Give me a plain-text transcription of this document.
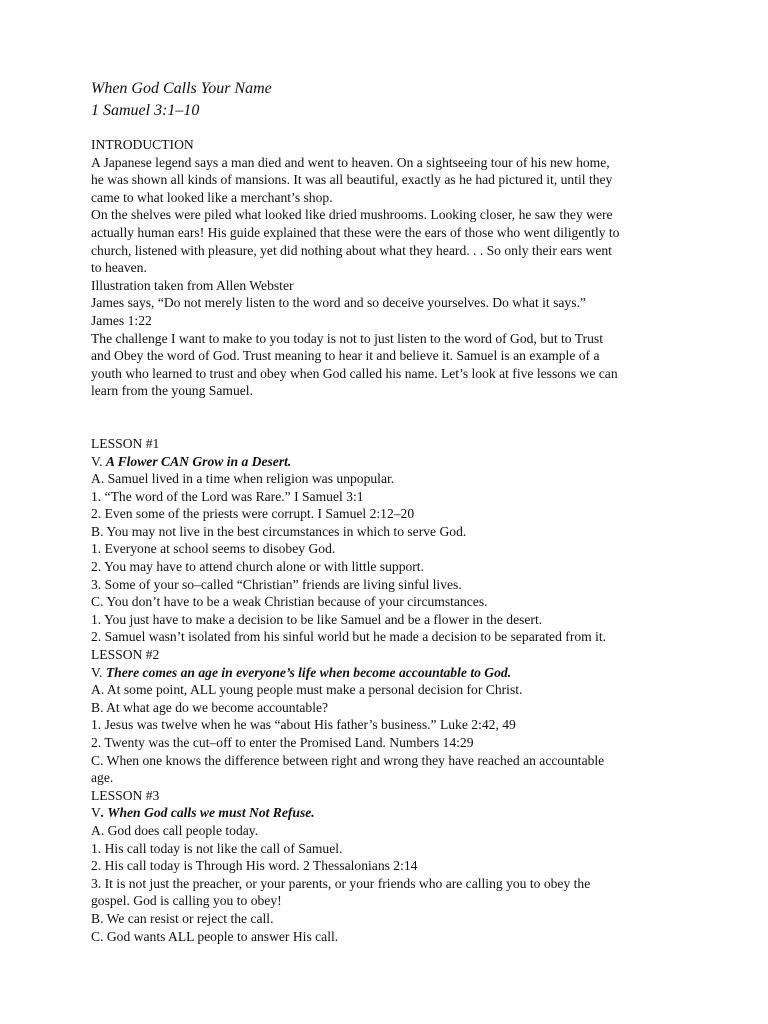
When God Calls Your Name
1 Samuel 3:1–10
INTRODUCTION
A Japanese legend says a man died and went to heaven. On a sightseeing tour of his new home,
he was shown all kinds of mansions. It was all beautiful, exactly as he had pictured it, until they
came to what looked like a merchant’s shop.
On the shelves were piled what looked like dried mushrooms. Looking closer, he saw they were
actually human ears! His guide explained that these were the ears of those who went diligently to
church, listened with pleasure, yet did nothing about what they heard. . . So only their ears went
to heaven.
Illustration taken from Allen Webster
James says, “Do not merely listen to the word and so deceive yourselves. Do what it says.”
James 1:22
The challenge I want to make to you today is not to just listen to the word of God, but to Trust
and Obey the word of God. Trust meaning to hear it and believe it. Samuel is an example of a
youth who learned to trust and obey when God called his name. Let’s look at five lessons we can
learn from the young Samuel.
LESSON #1
V. A Flower CAN Grow in a Desert.
A. Samuel lived in a time when religion was unpopular.
1. “The word of the Lord was Rare.” I Samuel 3:1
2. Even some of the priests were corrupt. I Samuel 2:12–20
B. You may not live in the best circumstances in which to serve God.
1. Everyone at school seems to disobey God.
2. You may have to attend church alone or with little support.
3. Some of your so–called “Christian” friends are living sinful lives.
C. You don’t have to be a weak Christian because of your circumstances.
1. You just have to make a decision to be like Samuel and be a flower in the desert.
2. Samuel wasn’t isolated from his sinful world but he made a decision to be separated from it.
LESSON #2
V. There comes an age in everyone’s life when become accountable to God.
A. At some point, ALL young people must make a personal decision for Christ.
B. At what age do we become accountable?
1. Jesus was twelve when he was “about His father’s business.” Luke 2:42, 49
2. Twenty was the cut–off to enter the Promised Land. Numbers 14:29
C. When one knows the difference between right and wrong they have reached an accountable
age.
LESSON #3
V. When God calls we must Not Refuse.
A. God does call people today.
1. His call today is not like the call of Samuel.
2. His call today is Through His word. 2 Thessalonians 2:14
3. It is not just the preacher, or your parents, or your friends who are calling you to obey the
gospel. God is calling you to obey!
B. We can resist or reject the call.
C. God wants ALL people to answer His call.
